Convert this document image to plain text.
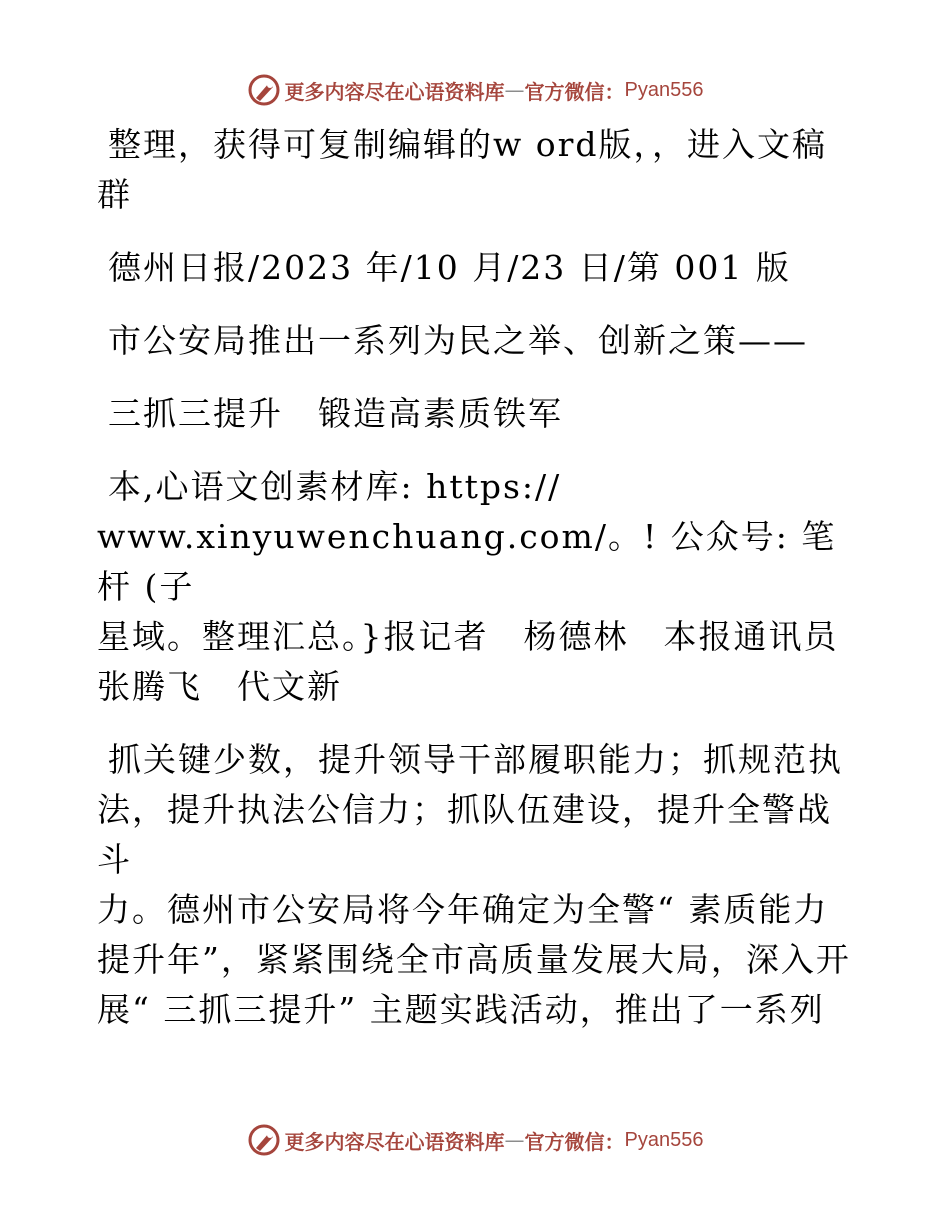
更多内容尽在心语资料库 — 官方微信： Pyan556

整理，获得可复制编辑的w ord版，，进入文稿

群

德州日报/2023 年/10 月/23 日/第 001 版

市公安局推出一系列为民之举、创新之策——

三抓三提升　锻造高素质铁军

本,心语文创素材库: https://

www.xinyuwenchuang.com/。! 公众号: 笔杆 (子

星域。整理汇总。}报记者　杨德林　本报通讯员

张腾飞　代文新

抓关键少数，提升领导干部履职能力；抓规范执

法，提升执法公信力；抓队伍建设，提升全警战斗

力。德州市公安局将今年确定为全警“ 素质能力

提升年”，紧紧围绕全市高质量发展大局，深入开

展“ 三抓三提升” 主题实践活动，推出了一系列

更多内容尽在心语资料库 — 官方微信： Pyan556
